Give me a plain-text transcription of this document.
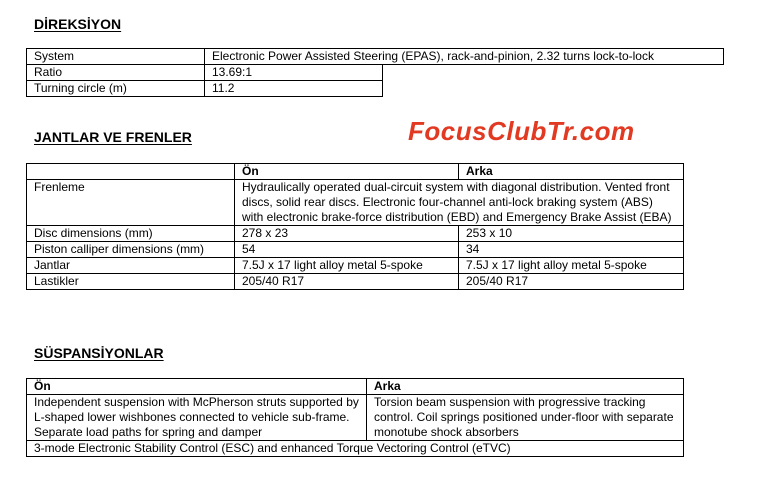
DİREKSİYON
System	Electronic Power Assisted Steering (EPAS), rack-and-pinion, 2.32 turns lock-to-lock	
Ratio	13.69:1	
Turning circle (m)	11.2	
JANTLAR VE FRENLER	FocusClubTr.com
	Ön	Arka
Frenleme	Hydraulically operated dual-circuit system with diagonal distribution. Vented front discs, solid rear discs. Electronic four-channel anti-lock braking system (ABS) with electronic brake-force distribution (EBD) and Emergency Brake Assist (EBA)	
Disc dimensions (mm)	278 x 23	253 x 10
Piston calliper dimensions (mm)	54	34
Jantlar	7.5J x 17 light alloy metal 5-spoke	7.5J x 17 light alloy metal 5-spoke
Lastikler	205/40 R17	205/40 R17
SÜSPANSİYONLAR
Ön	Arka
Independent suspension with McPherson struts supported by L-shaped lower wishbones connected to vehicle sub-frame. Separate load paths for spring and damper	Torsion beam suspension with progressive tracking control. Coil springs positioned under-floor with separate monotube shock absorbers
3-mode Electronic Stability Control (ESC) and enhanced Torque Vectoring Control (eTVC)	
